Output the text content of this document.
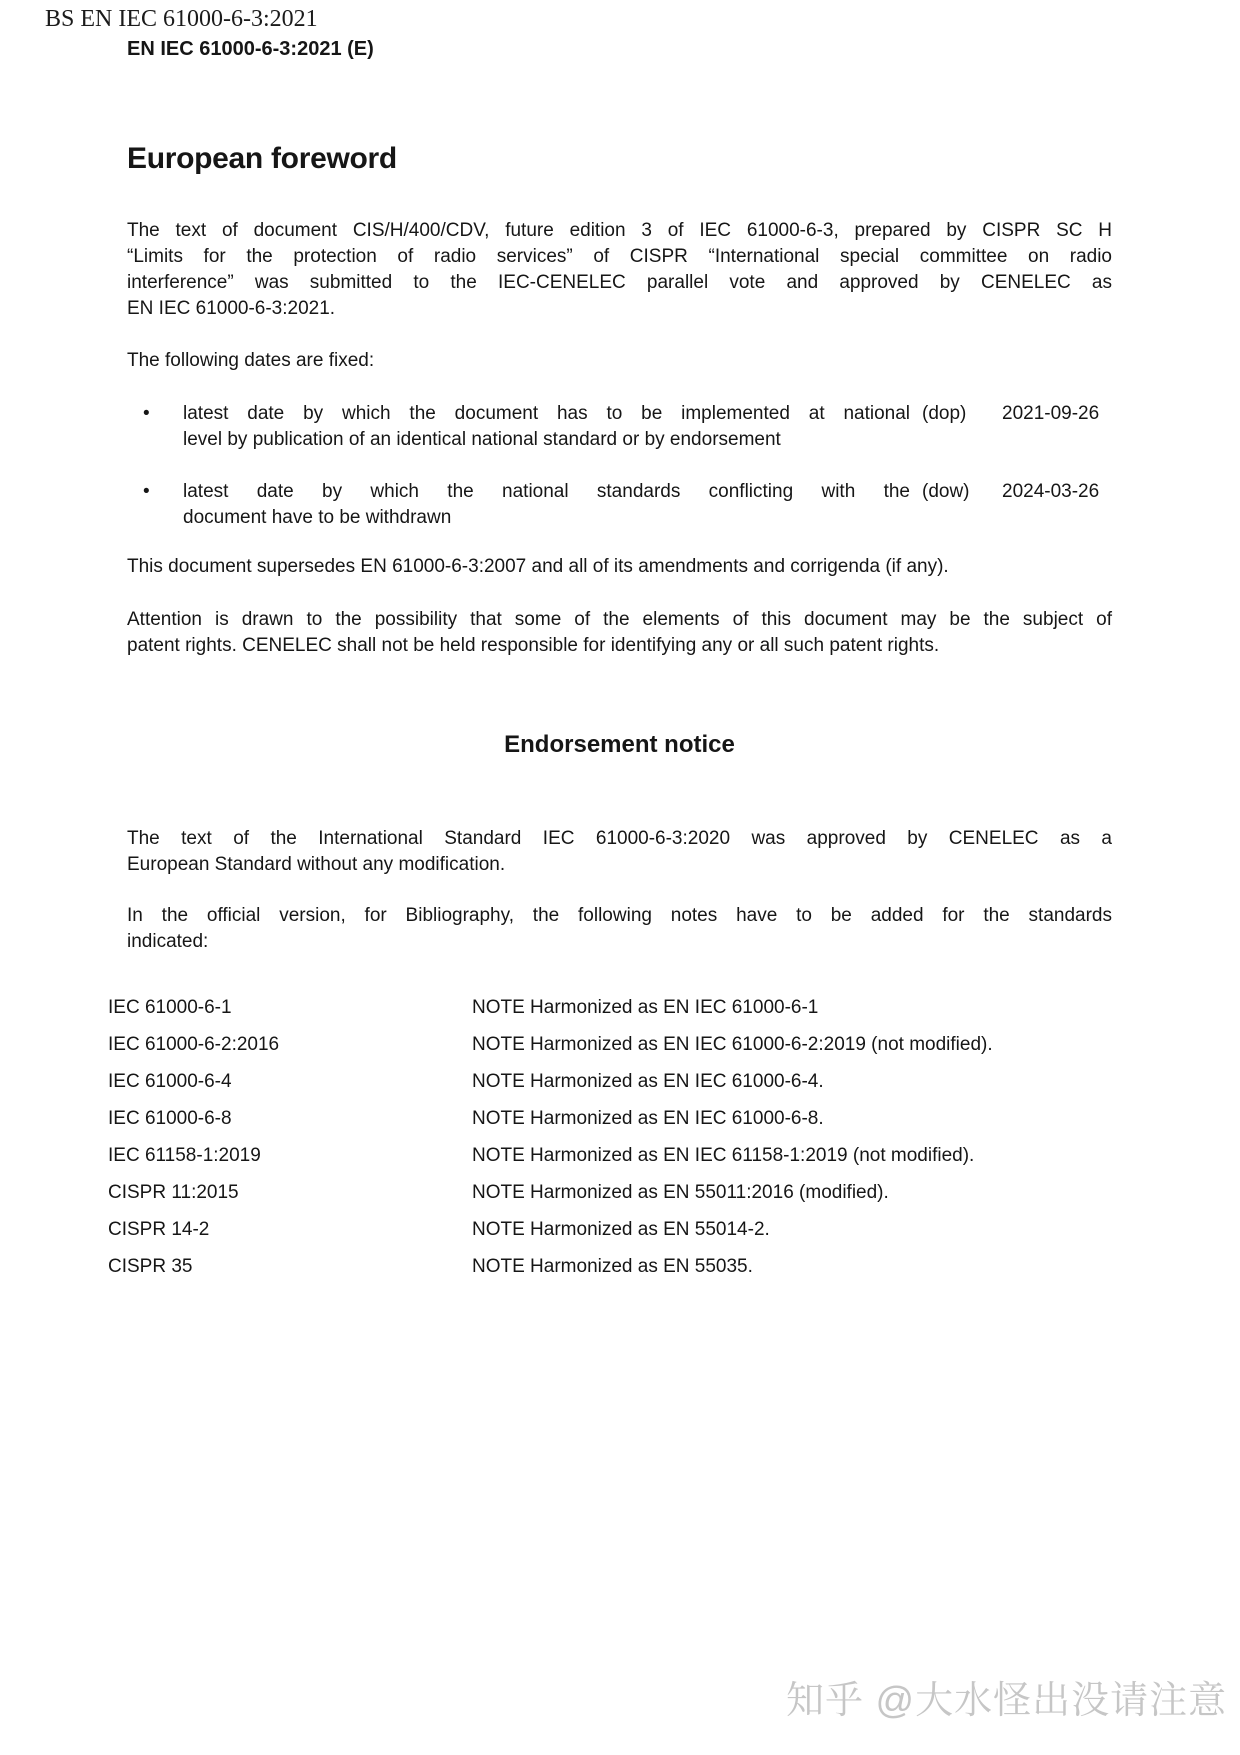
BS EN IEC 61000-6-3:2021
EN IEC 61000-6-3:2021 (E)
European foreword
The text of document CIS/H/400/CDV, future edition 3 of IEC 61000-6-3, prepared by CISPR SC H
“Limits for the protection of radio services” of CISPR “International special committee on radio
interference” was submitted to the IEC-CENELEC parallel vote and approved by CENELEC as
EN IEC 61000-6-3:2021.
The following dates are fixed:
• latest date by which the document has to be implemented at national
level by publication of an identical national standard or by endorsement
(dop) 2021-09-26
• latest date by which the national standards conflicting with the
document have to be withdrawn
(dow) 2024-03-26
This document supersedes EN 61000-6-3:2007 and all of its amendments and corrigenda (if any).
Attention is drawn to the possibility that some of the elements of this document may be the subject of
patent rights. CENELEC shall not be held responsible for identifying any or all such patent rights.
Endorsement notice
The text of the International Standard IEC 61000-6-3:2020 was approved by CENELEC as a
European Standard without any modification.
In the official version, for Bibliography, the following notes have to be added for the standards
indicated:
IEC 61000-6-1	NOTE Harmonized as EN IEC 61000-6-1
IEC 61000-6-2:2016	NOTE Harmonized as EN IEC 61000-6-2:2019 (not modified).
IEC 61000-6-4	NOTE Harmonized as EN IEC 61000-6-4.
IEC 61000-6-8	NOTE Harmonized as EN IEC 61000-6-8.
IEC 61158-1:2019	NOTE Harmonized as EN IEC 61158-1:2019 (not modified).
CISPR 11:2015	NOTE Harmonized as EN 55011:2016 (modified).
CISPR 14-2	NOTE Harmonized as EN 55014-2.
CISPR 35	NOTE Harmonized as EN 55035.
知乎 @大水怪出没请注意
